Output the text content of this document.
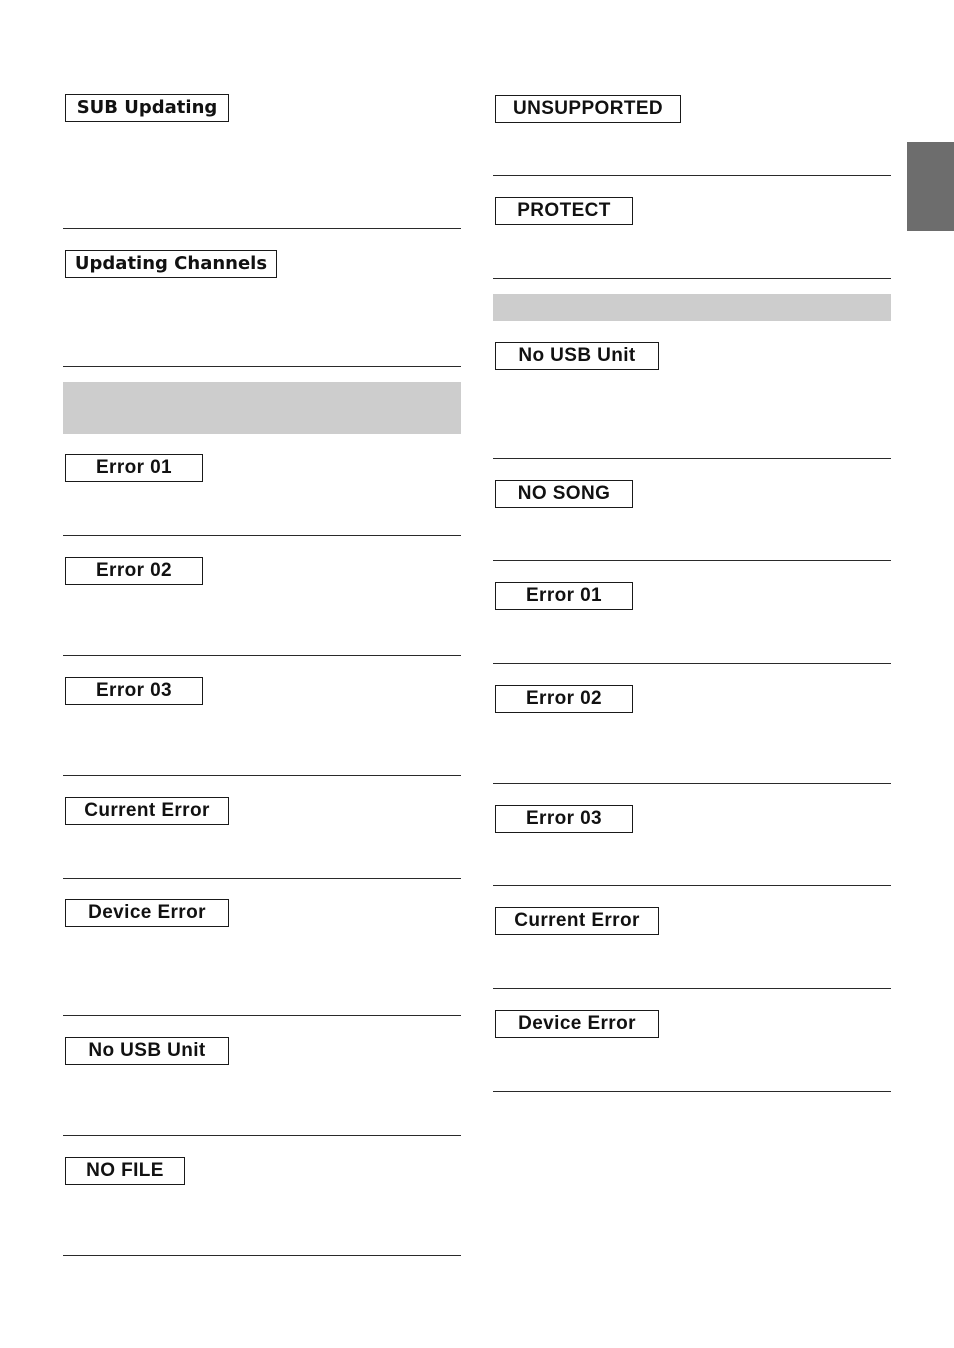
SUB Updating
Updating Channels
Error 01
Error 02
Error 03
Current Error
Device Error
No USB Unit
NO FILE
UNSUPPORTED
PROTECT
No USB Unit
NO SONG
Error 01
Error 02
Error 03
Current Error
Device Error
